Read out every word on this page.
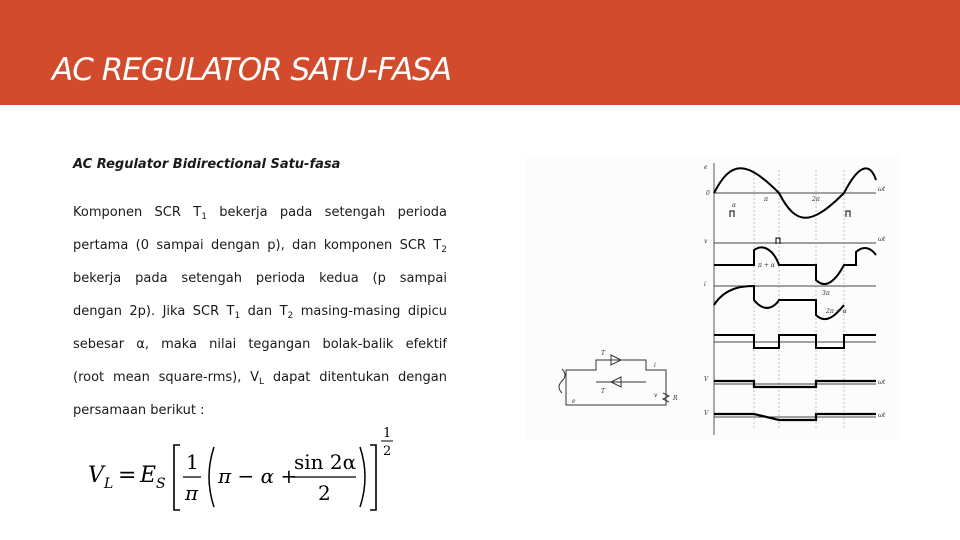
AC REGULATOR SATU-FASA
AC Regulator Bidirectional Satu-fasa
Komponen SCR $T_1$ bekerja pada setengah perioda
pertama (0 sampai dengan p), dan komponen SCR $T_2$
bekerja pada setengah perioda kedua (p sampai
dengan 2p). Jika SCR $T_1$ dan $T_2$ masing-masing dipicu
sebesar α, maka nilai tegangan bolak-balik efektif
(root mean square-rms), $V_L$ dapat ditentukan dengan
persamaan berikut :
V L = E S
1
π
π − α +
sin 2α
2
1
2
e
0
ωt
π	2π
α
v	ωt
π + α
3π
2π + α
i
V
V
ωt
ωt
T
T
R
i
v
e
